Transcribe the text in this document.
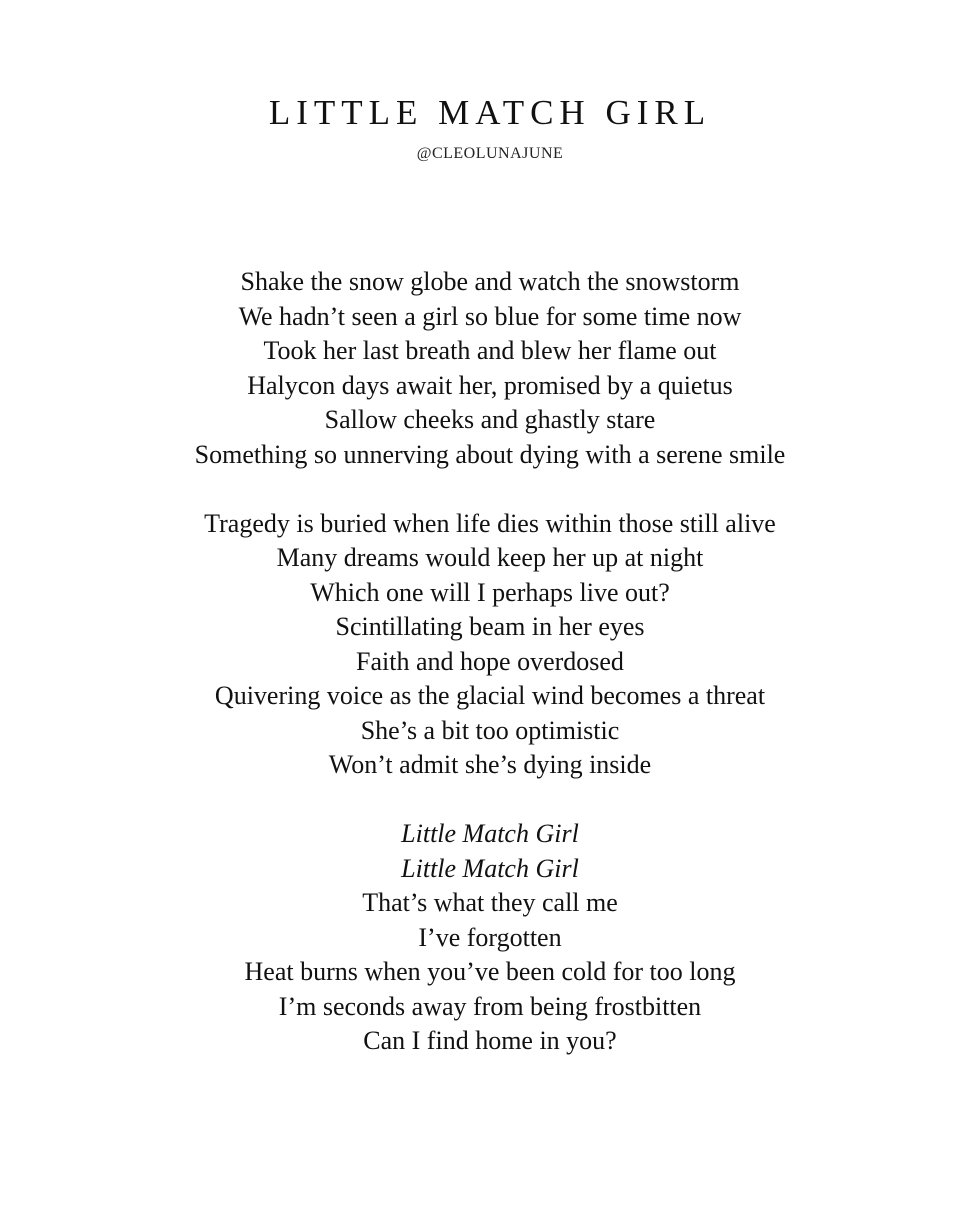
LITTLE MATCH GIRL
@CLEOLUNAJUNE
Shake the snow globe and watch the snowstorm
We hadn’t seen a girl so blue for some time now
Took her last breath and blew her flame out
Halycon days await her, promised by a quietus
Sallow cheeks and ghastly stare
Something so unnerving about dying with a serene smile
Tragedy is buried when life dies within those still alive
Many dreams would keep her up at night
Which one will I perhaps live out?
Scintillating beam in her eyes
Faith and hope overdosed
Quivering voice as the glacial wind becomes a threat
She’s a bit too optimistic
Won’t admit she’s dying inside
Little Match Girl
Little Match Girl
That’s what they call me
I’ve forgotten
Heat burns when you’ve been cold for too long
I’m seconds away from being frostbitten
Can I find home in you?
